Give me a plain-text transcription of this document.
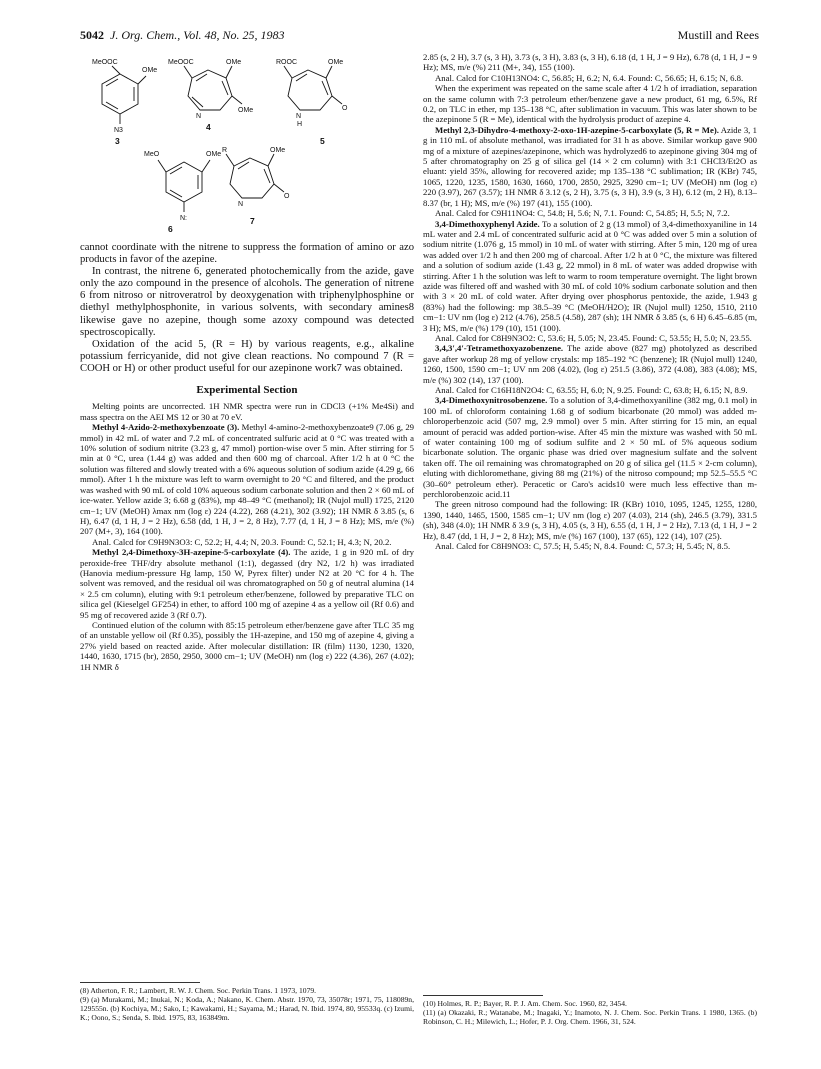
5042 J. Org. Chem., Vol. 48, No. 25, 1983	Mustill and Rees
MeOOC
OMe
N3
MeOOC	OMe
N
OMe
ROOC	OMe
N
H
O
MeO	OMe
N:
R	OMe
N
O
3
4
5
6
7

cannot coordinate with the nitrene to suppress the formation of amino or azo products in favor of the azepine.

In contrast, the nitrene 6, generated photochemically from the azide, gave only the azo compound in the presence of alcohols. The generation of nitrene 6 from nitroso or nitroveratrol by deoxygenation with triphenylphosphine or diethyl methylphosphonite, in various solvents, with secondary amines8 likewise gave no azepine, though some azoxy compound was detected spectroscopically.

Oxidation of the acid 5, (R = H) by various reagents, e.g., alkaline potassium ferricyanide, did not give clean reactions. No compound 7 (R = COOH or H) or other product useful for our azepinone work7 was obtained.

Experimental Section

Melting points are uncorrected. 1H NMR spectra were run in CDCl3 (+1% Me4Si) and mass spectra on the AEI MS 12 or 30 at 70 eV.

Methyl 4-Azido-2-methoxybenzoate (3). Methyl 4-amino-2-methoxybenzoate9 (7.06 g, 29 mmol) in 42 mL of water and 7.2 mL of concentrated sulfuric acid at 0 °C was treated with a 10% solution of sodium nitrite (3.23 g, 47 mmol) portion-wise over 5 min. After stirring for 5 min at 0 °C, urea (1.44 g) was added and then 600 mg of charcoal. After 1/2 h at 0 °C the solution was filtered and slowly treated with a 6% aqueous solution of sodium azide (4.29 g, 66 mmol). After 1 h the mixture was left to warm overnight to 20 °C and filtered, and the product was washed with 90 mL of cold 10% aqueous sodium carbonate solution and then 2 × 60 mL of ice-water. Yellow azide 3; 6.68 g (83%), mp 48–49 °C (methanol); IR (Nujol mull) 1725, 2120 cm−1; UV (MeOH) λmax nm (log ε) 224 (4.22), 268 (4.21), 302 (3.92); 1H NMR δ 3.85 (s, 6 H), 6.47 (d, 1 H, J = 2 Hz), 6.58 (dd, 1 H, J = 2, 8 Hz), 7.77 (d, 1 H, J = 8 Hz); MS, m/e (%) 207 (M+, 3), 164 (100).

Anal. Calcd for C9H9N3O3: C, 52.2; H, 4.4; N, 20.3. Found: C, 52.1; H, 4.3; N, 20.2.

Methyl 2,4-Dimethoxy-3H-azepine-5-carboxylate (4). The azide, 1 g in 920 mL of dry peroxide-free THF/dry absolute methanol (1:1), degassed (dry N2, 1/2 h) was irradiated (Hanovia medium-pressure Hg lamp, 150 W, Pyrex filter) under N2 at 20 °C for 4 h. The solvent was removed, and the residual oil was chromatographed on 50 g of neutral alumina (14 × 2.5 cm column), eluting with 9:1 petroleum ether/benzene, followed by preparative TLC on silica gel (Kieselgel GF254) in ether, to afford 100 mg of azepine 4 as a yellow oil (Rf 0.6) and 95 mg of recovered azide 3 (Rf 0.7).

Continued elution of the column with 85:15 petroleum ether/benzene gave after TLC 35 mg of an unstable yellow oil (Rf 0.35), possibly the 1H-azepine, and 150 mg of azepine 4, giving a 27% yield based on reacted azide. After molecular distillation: IR (film) 1130, 1230, 1320, 1440, 1630, 1715 (br), 2850, 2950, 3000 cm−1; UV (MeOH) nm (log ε) 222 (4.36), 267 (4.02); 1H NMR δ

(8) Atherton, F. R.; Lambert, R. W. J. Chem. Soc. Perkin Trans. 1 1973, 1079.
(9) (a) Murakami, M.; Inukai, N.; Koda, A.; Nakano, K. Chem. Abstr. 1970, 73, 35078r; 1971, 75, 118089n, 129555n. (b) Kochiya, M.; Sako, I.; Kawakami, H.; Sayama, M.; Harad, N. Ibid. 1974, 80, 95533q. (c) Izumi, K.; Oono, S.; Senda, S. Ibid. 1975, 83, 163849m.

2.85 (s, 2 H), 3.7 (s, 3 H), 3.73 (s, 3 H), 3.83 (s, 3 H), 6.18 (d, 1 H, J = 9 Hz), 6.78 (d, 1 H, J = 9 Hz); MS, m/e (%) 211 (M+, 34), 155 (100).

Anal. Calcd for C10H13NO4: C, 56.85; H, 6.2; N, 6.4. Found: C, 56.65; H, 6.15; N, 6.8.

When the experiment was repeated on the same scale after 4 1/2 h of irradiation, separation on the same column with 7:3 petroleum ether/benzene gave a new product, 61 mg, 6.5%, Rf 0.2, on TLC in ether, mp 135–138 °C, after sublimation in vacuum. This was later shown to be the azepinone 5 (R = Me), identical with the hydrolysis product of azepine 4.

Methyl 2,3-Dihydro-4-methoxy-2-oxo-1H-azepine-5-carboxylate (5, R = Me). Azide 3, 1 g in 110 mL of absolute methanol, was irradiated for 31 h as above. Similar workup gave 900 mg of a mixture of azepines/azepinone, which was hydrolyzed6 to azepinone giving 304 mg of 5 after chromatography on 25 g of silica gel (14 × 2 cm column) with 3:1 CHCl3/Et2O as eluant: yield 35%, allowing for recovered azide; mp 135–138 °C sublimation; IR (KBr) 745, 1065, 1220, 1235, 1580, 1630, 1660, 1700, 2850, 2925, 3290 cm−1; UV (MeOH) nm (log ε) 220 (3.97), 267 (3.57); 1H NMR δ 3.12 (s, 2 H), 3.75 (s, 3 H), 3.9 (s, 3 H), 6.12 (m, 2 H), 8.13–8.37 (br, 1 H); MS, m/e (%) 197 (41), 155 (100).

Anal. Calcd for C9H11NO4: C, 54.8; H, 5.6; N, 7.1. Found: C, 54.85; H, 5.5; N, 7.2.

3,4-Dimethoxyphenyl Azide. To a solution of 2 g (13 mmol) of 3,4-dimethoxyaniline in 14 mL water and 2.4 mL of concentrated sulfuric acid at 0 °C was added over 5 min a solution of sodium nitrite (1.076 g, 15 mmol) in 10 mL of water with stirring. After 5 min, 120 mg of urea was added over 1/2 h and then 200 mg of charcoal. After 1/2 h at 0 °C, the mixture was filtered and a solution of sodium azide (1.43 g, 22 mmol) in 8 mL of water was added dropwise with stirring. After 1 h the solution was left to warm to room temperature overnight. The light brown azide was filtered off and washed with 30 mL of cold 10% sodium carbonate solution and then with 3 × 20 mL of cold water. After drying over phosphorus pentoxide, the azide, 1.943 g (83%) had the following: mp 38.5–39 °C (MeOH/H2O); IR (Nujol mull) 1250, 1510, 2110 cm−1: UV nm (log ε) 212 (4.76), 258.5 (4.58), 287 (sh); 1H NMR δ 3.85 (s, 6 H) 6.45–6.85 (m, 3 H); MS, m/e (%) 179 (10), 151 (100).

Anal. Calcd for C8H9N3O2: C, 53.6; H, 5.05; N, 23.45. Found: C, 53.55; H, 5.0; N, 23.55.

3,4,3′,4′-Tetramethoxyazobenzene. The azide above (827 mg) photolyzed as described gave after workup 28 mg of yellow crystals: mp 185–192 °C (benzene); IR (Nujol mull) 1240, 1260, 1500, 1590 cm−1; UV nm 208 (4.02), (log ε) 251.5 (3.86), 372 (4.08), 383 (4.08); MS, m/e (%) 302 (14), 137 (100).

Anal. Calcd for C16H18N2O4: C, 63.55; H, 6.0; N, 9.25. Found: C, 63.8; H, 6.15; N, 8.9.

3,4-Dimethoxynitrosobenzene. To a solution of 3,4-dimethoxyaniline (382 mg, 0.1 mol) in 100 mL of chloroform containing 1.68 g of sodium bicarbonate (20 mmol) was added m-chloroperbenzoic acid (507 mg, 2.9 mmol) over 5 min. After stirring for 15 min, an equal amount of peracid was added portion-wise. After 45 min the mixture was washed with 50 mL of water containing 100 mg of sodium sulfite and 2 × 50 mL of 5% aqueous sodium bicarbonate solution. The organic phase was dried over magnesium sulfate and the solvent taken off. The oil remaining was chromatographed on 20 g of silica gel (11.5 × 2-cm column), eluting with dichloromethane, giving 88 mg (21%) of the nitroso compound; mp 52.5–55.5 °C (30–60° petroleum ether). Peracetic or Caro's acids10 were much less effective than m-perchlorobenzoic acid.11

The green nitroso compound had the following: IR (KBr) 1010, 1095, 1245, 1255, 1280, 1390, 1440, 1465, 1500, 1585 cm−1; UV nm (log ε) 207 (4.03), 214 (sh), 246.5 (3.79), 331.5 (sh), 348 (4.0); 1H NMR δ 3.9 (s, 3 H), 4.05 (s, 3 H), 6.55 (d, 1 H, J = 2 Hz), 7.13 (d, 1 H, J = 2 Hz), 8.47 (dd, 1 H, J = 2, 8 Hz); MS, m/e (%) 167 (100), 137 (65), 122 (14), 107 (25).

Anal. Calcd for C8H9NO3: C, 57.5; H, 5.45; N, 8.4. Found: C, 57.3; H, 5.45; N, 8.5.

(10) Holmes, R. P.; Bayer, R. P. J. Am. Chem. Soc. 1960, 82, 3454.
(11) (a) Okazaki, R.; Watanabe, M.; Inagaki, Y.; Inamoto, N. J. Chem. Soc. Perkin Trans. 1 1980, 1365. (b) Robinson, C. H.; Milewich, L.; Hofer, P. J. Org. Chem. 1966, 31, 524.
